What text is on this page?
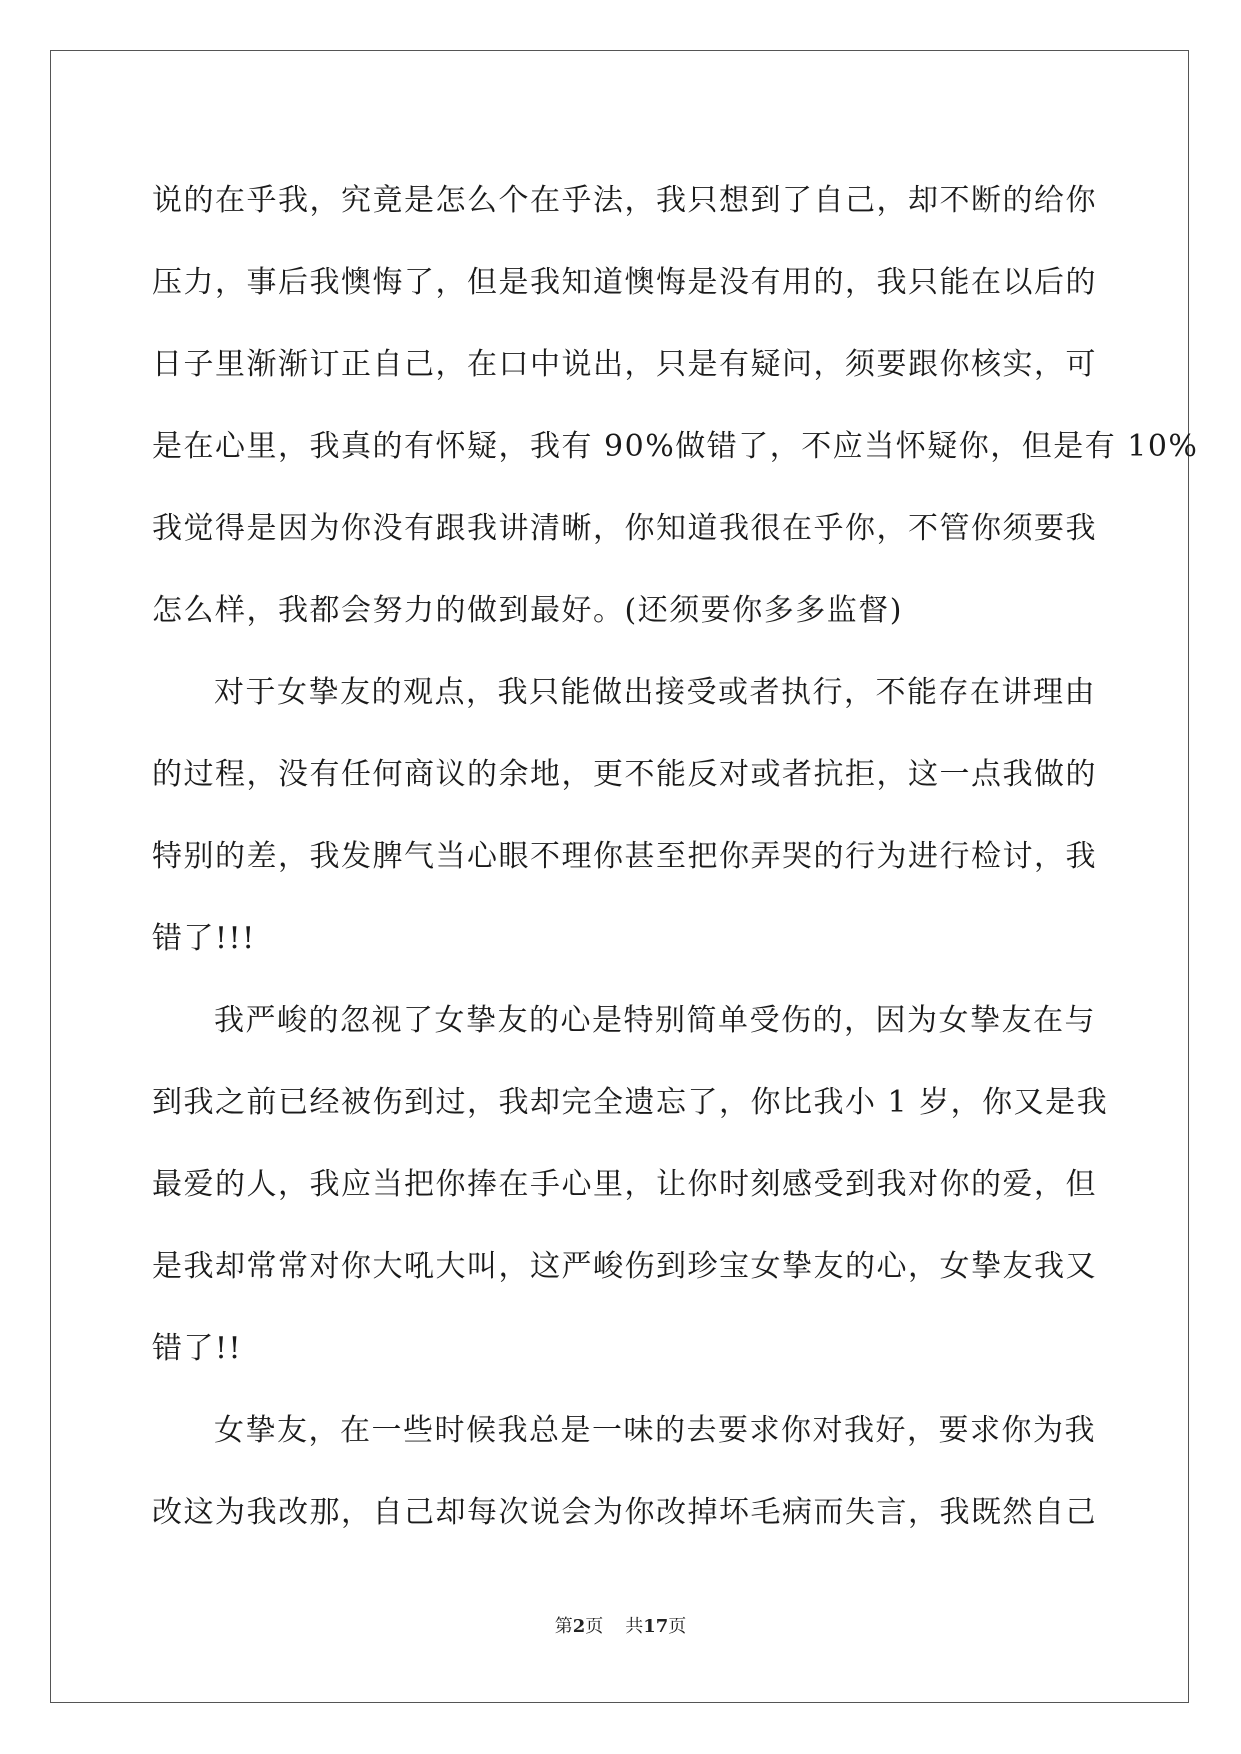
说的在乎我，究竟是怎么个在乎法，我只想到了自己，却不断的给你
压力，事后我懊悔了，但是我知道懊悔是没有用的，我只能在以后的
日子里渐渐订正自己，在口中说出，只是有疑问，须要跟你核实，可
是在心里，我真的有怀疑，我有 90%做错了，不应当怀疑你，但是有 10%
我觉得是因为你没有跟我讲清晰，你知道我很在乎你，不管你须要我
怎么样，我都会努力的做到最好。(还须要你多多监督)
对于女挚友的观点，我只能做出接受或者执行，不能存在讲理由
的过程，没有任何商议的余地，更不能反对或者抗拒，这一点我做的
特别的差，我发脾气当心眼不理你甚至把你弄哭的行为进行检讨，我
错了!!!
我严峻的忽视了女挚友的心是特别简单受伤的，因为女挚友在与
到我之前已经被伤到过，我却完全遗忘了，你比我小 1 岁，你又是我
最爱的人，我应当把你捧在手心里，让你时刻感受到我对你的爱，但
是我却常常对你大吼大叫，这严峻伤到珍宝女挚友的心，女挚友我又
错了!!
女挚友，在一些时候我总是一味的去要求你对我好，要求你为我
改这为我改那，自己却每次说会为你改掉坏毛病而失言，我既然自己
第2页 共17页
